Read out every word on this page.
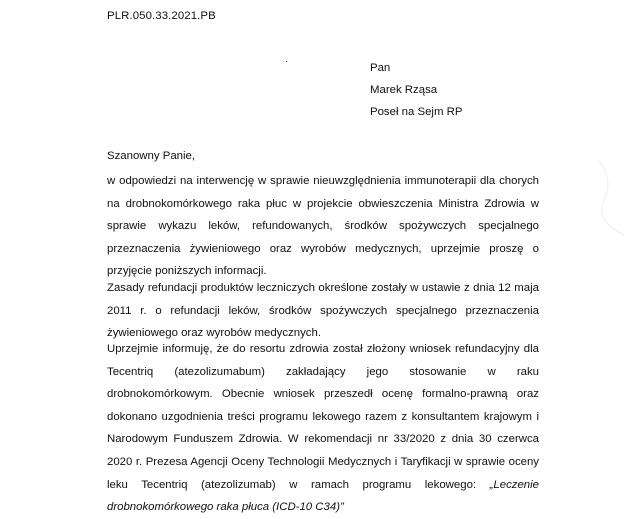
PLR.050.33.2021.PB
·
Pan
Marek Rząsa
Poseł na Sejm RP
Szanowny Panie,

w odpowiedzi na interwencję w sprawie nieuwzględnienia immunoterapii dla chorych na drobnokomórkowego raka płuc w projekcie obwieszczenia Ministra Zdrowia w sprawie wykazu leków, refundowanych, środków spożywczych specjalnego przeznaczenia żywieniowego oraz wyrobów medycznych, uprzejmie proszę o przyjęcie poniższych informacji.

Zasady refundacji produktów leczniczych określone zostały w ustawie z dnia 12 maja 2011 r. o refundacji leków, środków spożywczych specjalnego przeznaczenia żywieniowego oraz wyrobów medycznych.

Uprzejmie informuję, że do resortu zdrowia został złożony wniosek refundacyjny dla Tecentriq (atezolizumabum) zakładający jego stosowanie w raku drobnokomórkowym. Obecnie wniosek przeszedł ocenę formalno-prawną oraz dokonano uzgodnienia treści programu lekowego razem z konsultantem krajowym i Narodowym Funduszem Zdrowia. W rekomendacji nr 33/2020 z dnia 30 czerwca 2020 r. Prezesa Agencji Oceny Technologii Medycznych i Taryfikacji w sprawie oceny leku Tecentriq (atezolizumab) w ramach programu lekowego: „Leczenie drobnokomórkowego raka płuca (ICD-10 C34)”
